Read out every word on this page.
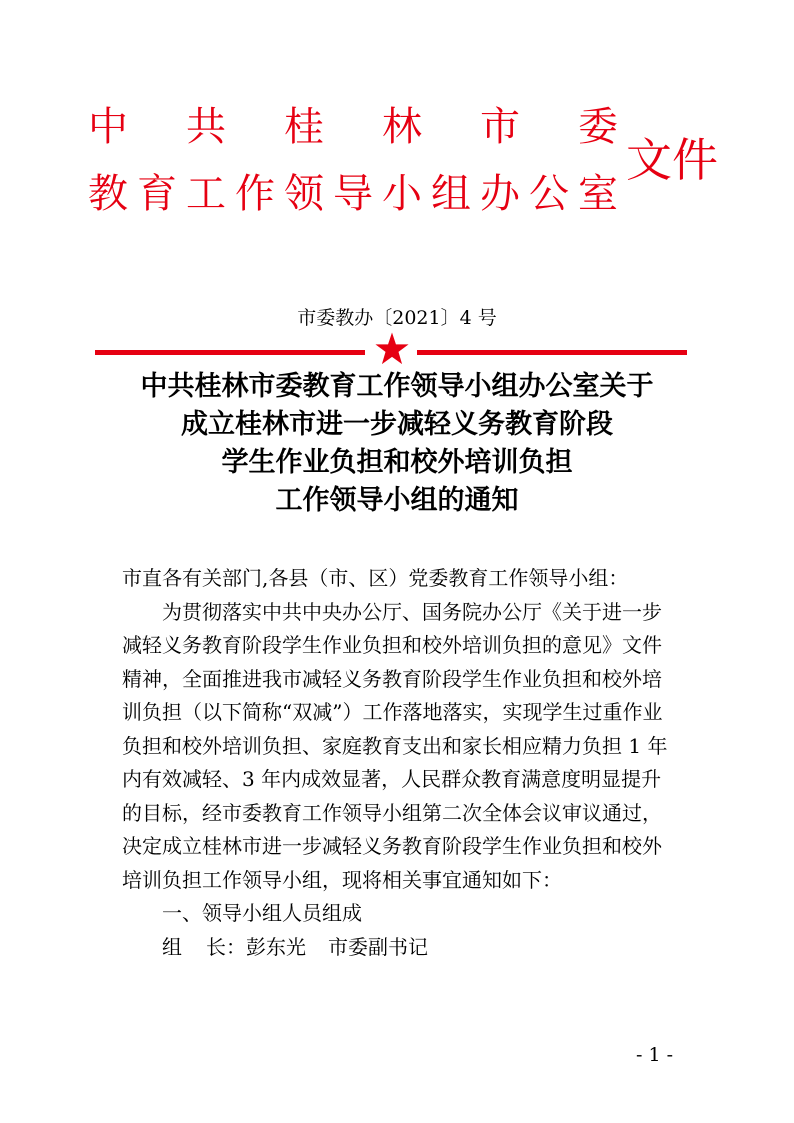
中 共 桂 林 市 委
教 育 工 作 领 导 小 组 办 公 室
文件
市委教办〔2021〕4 号
中共桂林市委教育工作领导小组办公室关于
成立桂林市进一步减轻义务教育阶段
学生作业负担和校外培训负担
工作领导小组的通知

市直各有关部门,各县（市、区）党委教育工作领导小组：

为贯彻落实中共中央办公厅、国务院办公厅《关于进一步减轻义务教育阶段学生作业负担和校外培训负担的意见》文件精神，全面推进我市减轻义务教育阶段学生作业负担和校外培训负担（以下简称“双减”）工作落地落实，实现学生过重作业负担和校外培训负担、家庭教育支出和家长相应精力负担 1 年内有效减轻、3 年内成效显著，人民群众教育满意度明显提升的目标，经市委教育工作领导小组第二次全体会议审议通过，决定成立桂林市进一步减轻义务教育阶段学生作业负担和校外培训负担工作领导小组，现将相关事宜通知如下：

一、领导小组人员组成

组 长：彭东光 市委副书记

- 1 -
